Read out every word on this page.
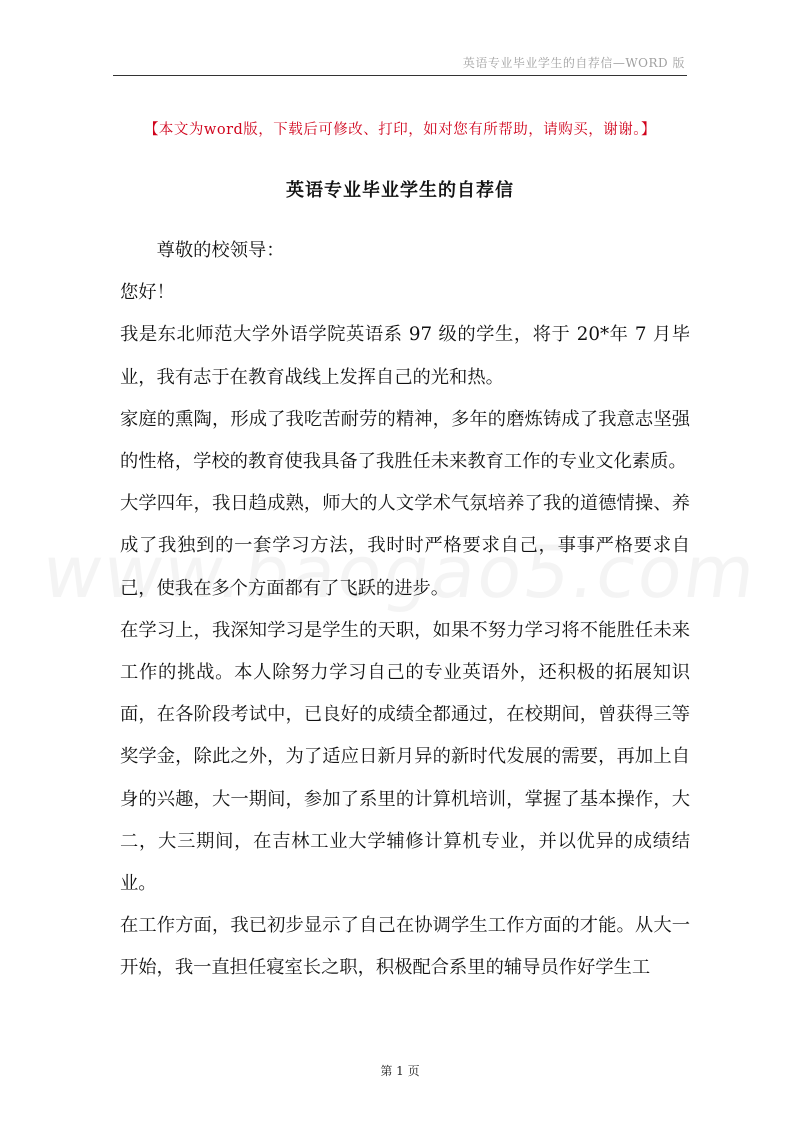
英语专业毕业学生的自荐信—WORD 版
【本文为word版，下载后可修改、打印，如对您有所帮助，请购买，谢谢。】
英语专业毕业学生的自荐信

尊敬的校领导：

您好！

我是东北师范大学外语学院英语系 97 级的学生，将于 20*年 7 月毕业，我有志于在教育战线上发挥自己的光和热。

家庭的熏陶，形成了我吃苦耐劳的精神，多年的磨炼铸成了我意志坚强的性格，学校的教育使我具备了我胜任未来教育工作的专业文化素质。

大学四年，我日趋成熟，师大的人文学术气氛培养了我的道德情操、养成了我独到的一套学习方法，我时时严格要求自己，事事严格要求自己，使我在多个方面都有了飞跃的进步。

在学习上，我深知学习是学生的天职，如果不努力学习将不能胜任未来工作的挑战。本人除努力学习自己的专业英语外，还积极的拓展知识面，在各阶段考试中，已良好的成绩全都通过，在校期间，曾获得三等奖学金，除此之外，为了适应日新月异的新时代发展的需要，再加上自身的兴趣，大一期间，参加了系里的计算机培训，掌握了基本操作，大二，大三期间，在吉林工业大学辅修计算机专业，并以优异的成绩结业。

在工作方面，我已初步显示了自己在协调学生工作方面的才能。从大一开始，我一直担任寝室长之职，积极配合系里的辅导员作好学生工

第 1 页
